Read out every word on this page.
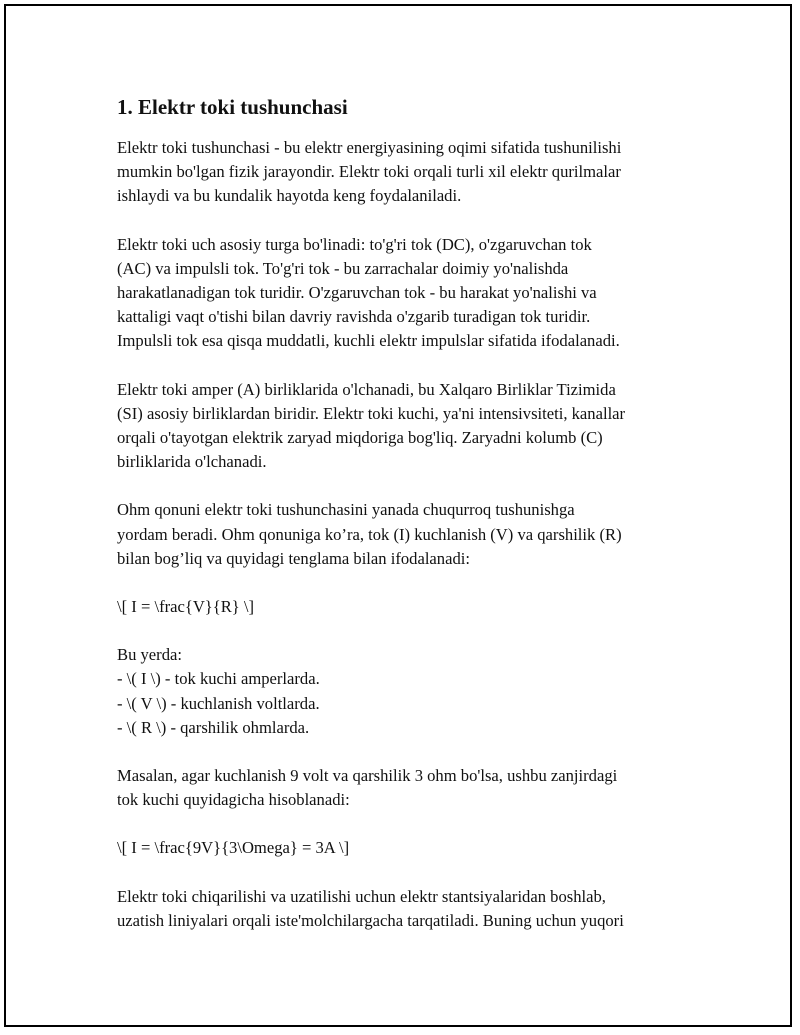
1. Elektr toki tushunchasi

Elektr toki tushunchasi - bu elektr energiyasining oqimi sifatida tushunilishi
mumkin bo'lgan fizik jarayondir. Elektr toki orqali turli xil elektr qurilmalar
ishlaydi va bu kundalik hayotda keng foydalaniladi.

Elektr toki uch asosiy turga bo'linadi: to'g'ri tok (DC), o'zgaruvchan tok
(AC) va impulsli tok. To'g'ri tok - bu zarrachalar doimiy yo'nalishda
harakatlanadigan tok turidir. O'zgaruvchan tok - bu harakat yo'nalishi va
kattaligi vaqt o'tishi bilan davriy ravishda o'zgarib turadigan tok turidir.
Impulsli tok esa qisqa muddatli, kuchli elektr impulslar sifatida ifodalanadi.

Elektr toki amper (A) birliklarida o'lchanadi, bu Xalqaro Birliklar Tizimida
(SI) asosiy birliklardan biridir. Elektr toki kuchi, ya'ni intensivsiteti, kanallar
orqali o'tayotgan elektrik zaryad miqdoriga bog'liq. Zaryadni kolumb (C)
birliklarida o'lchanadi.

Ohm qonuni elektr toki tushunchasini yanada chuqurroq tushunishga
yordam beradi. Ohm qonuniga ko’ra, tok (I) kuchlanish (V) va qarshilik (R)
bilan bog’liq va quyidagi tenglama bilan ifodalanadi:

\[ I = \frac{V}{R} \]

Bu yerda:
- \( I \) - tok kuchi amperlarda.
- \( V \) - kuchlanish voltlarda.
- \( R \) - qarshilik ohmlarda.

Masalan, agar kuchlanish 9 volt va qarshilik 3 ohm bo'lsa, ushbu zanjirdagi
tok kuchi quyidagicha hisoblanadi:

\[ I = \frac{9V}{3\Omega} = 3A \]

Elektr toki chiqarilishi va uzatilishi uchun elektr stantsiyalaridan boshlab,
uzatish liniyalari orqali iste'molchilargacha tarqatiladi. Buning uchun yuqori
